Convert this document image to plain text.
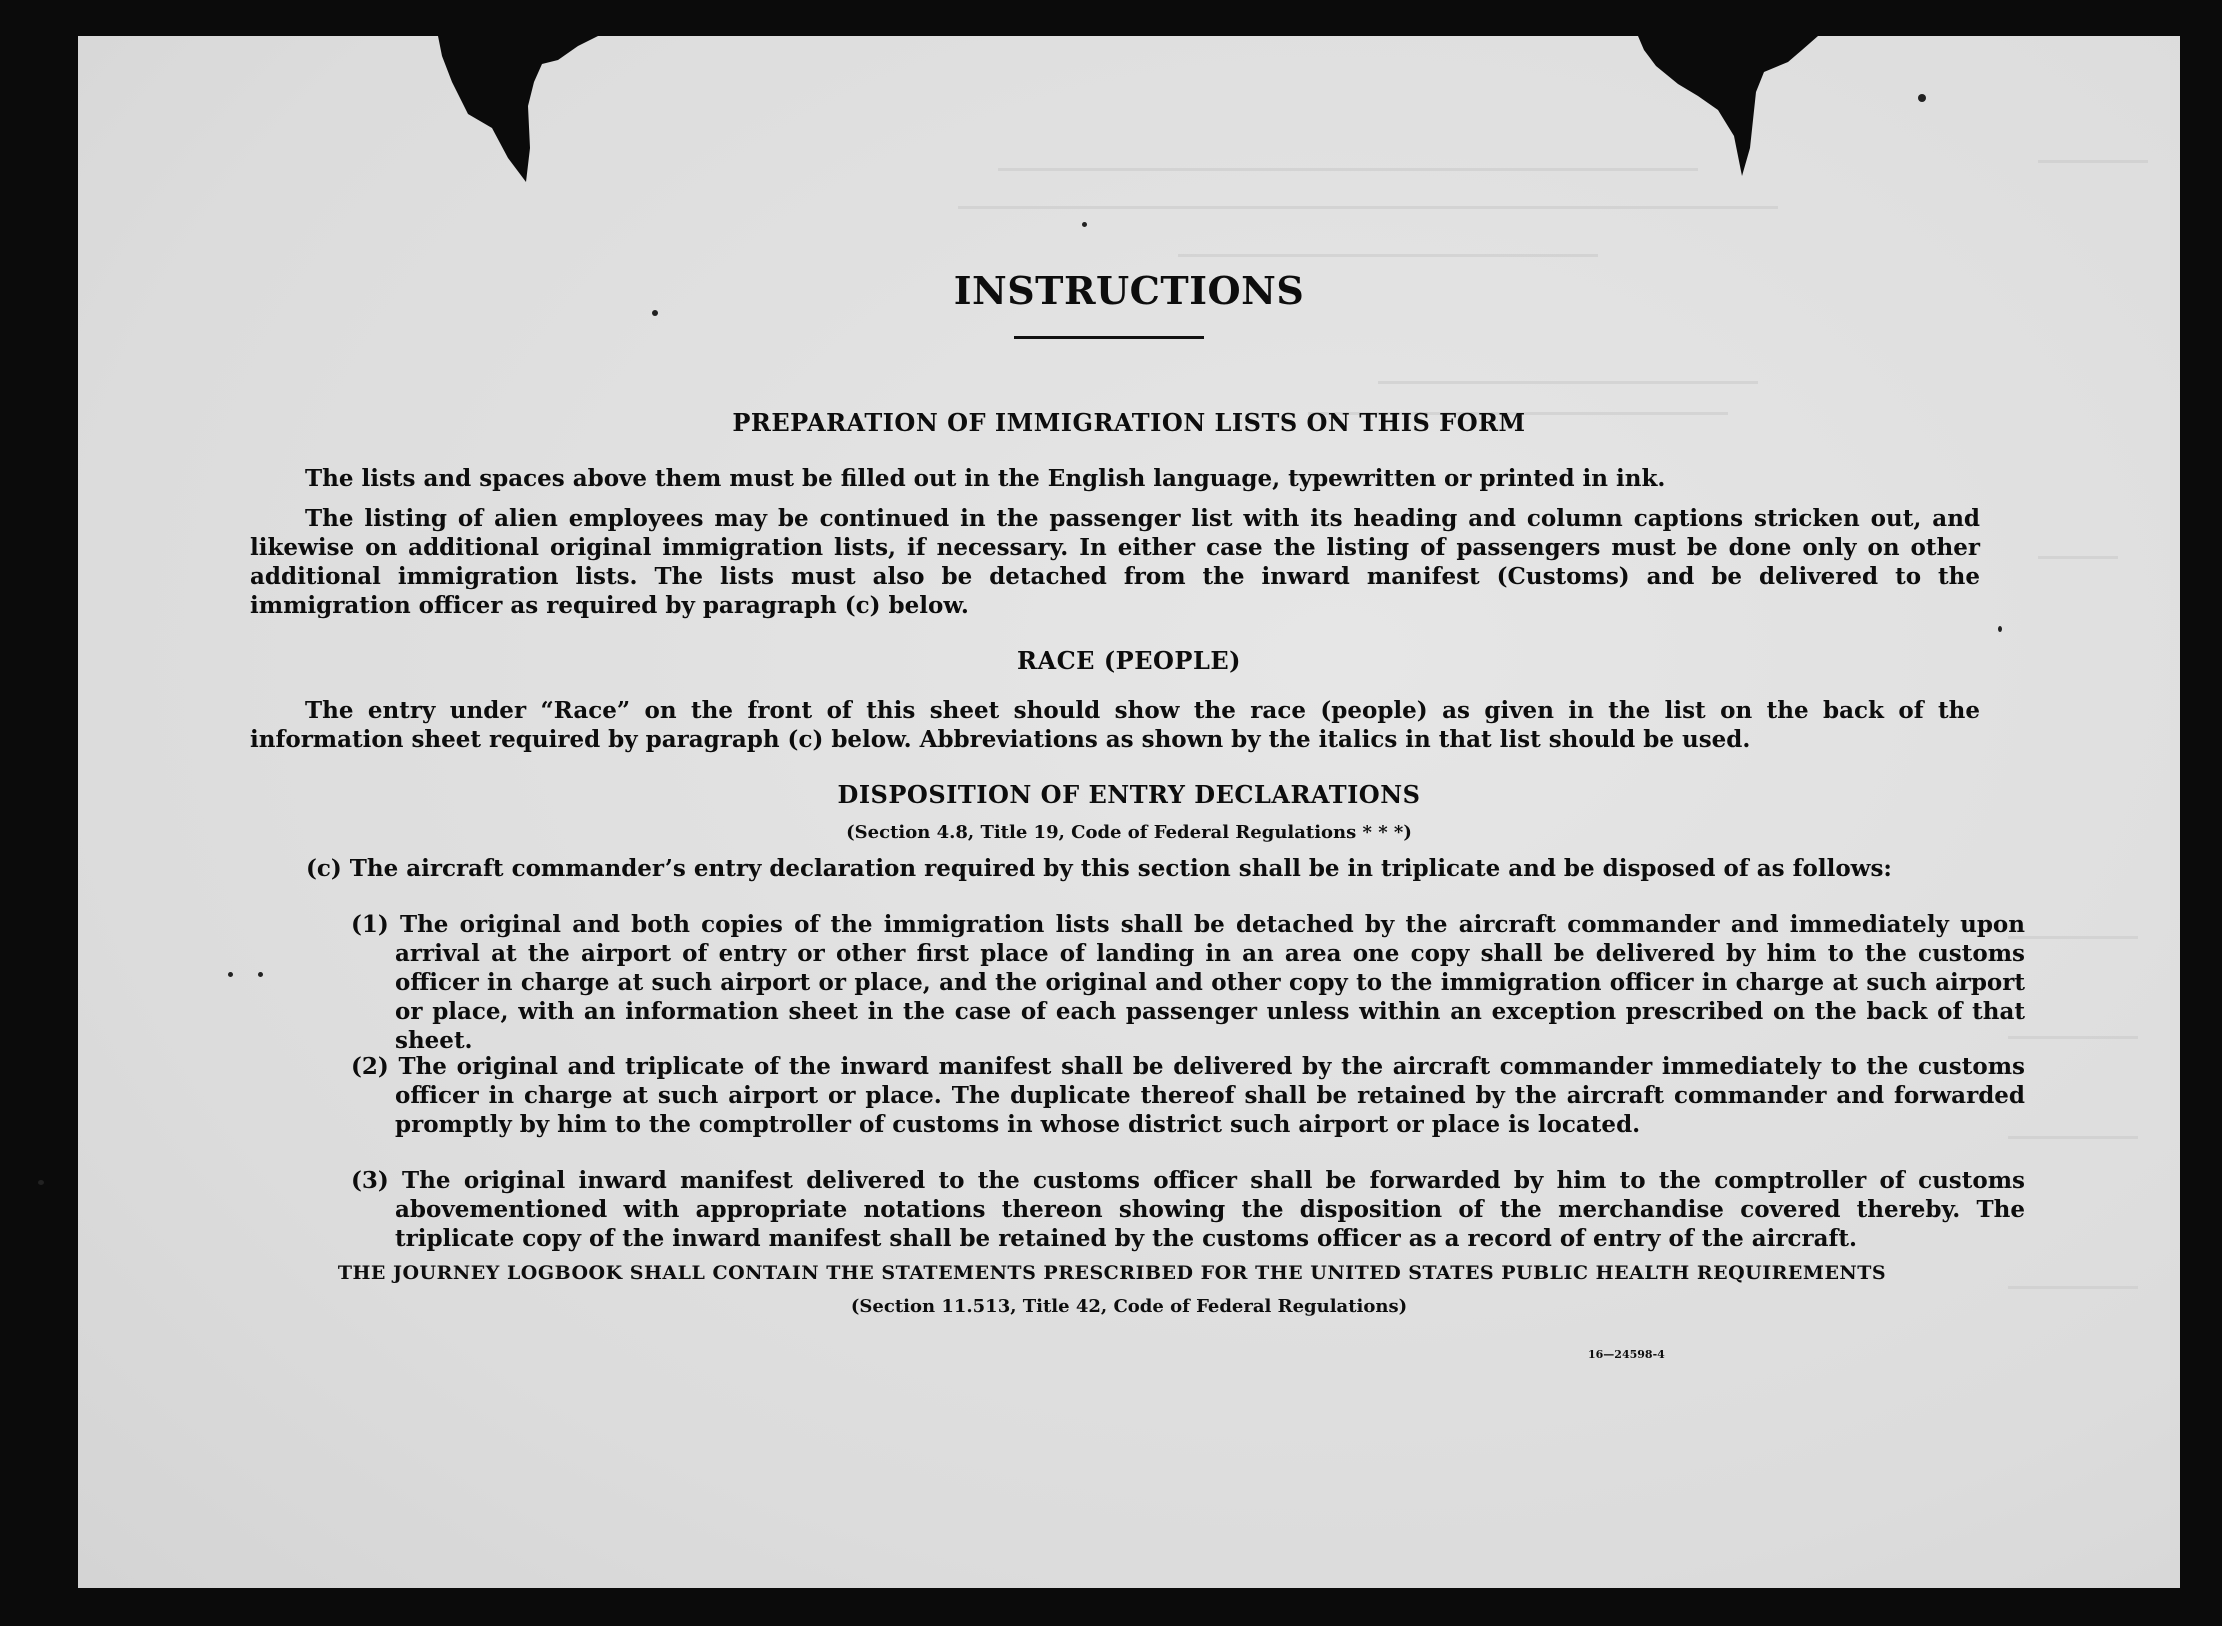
INSTRUCTIONS
PREPARATION OF IMMIGRATION LISTS ON THIS FORM
The lists and spaces above them must be filled out in the English language, typewritten or printed in ink.
The listing of alien employees may be continued in the passenger list with its heading and column captions stricken out, and likewise on additional original immigration lists, if necessary. In either case the listing of passengers must be done only on other additional immigration lists. The lists must also be detached from the inward manifest (Customs) and be delivered to the immigration officer as required by paragraph (c) below.
RACE (PEOPLE)
The entry under “Race” on the front of this sheet should show the race (people) as given in the list on the back of the information sheet required by paragraph (c) below. Abbreviations as shown by the italics in that list should be used.
DISPOSITION OF ENTRY DECLARATIONS
(Section 4.8, Title 19, Code of Federal Regulations * * *)
(c) The aircraft commander’s entry declaration required by this section shall be in triplicate and be disposed of as follows:
(1) The original and both copies of the immigration lists shall be detached by the aircraft commander and immediately upon arrival at the airport of entry or other first place of landing in an area one copy shall be delivered by him to the customs officer in charge at such airport or place, and the original and other copy to the immigration officer in charge at such airport or place, with an information sheet in the case of each passenger unless within an exception prescribed on the back of that sheet.
(2) The original and triplicate of the inward manifest shall be delivered by the aircraft commander immediately to the customs officer in charge at such airport or place. The duplicate thereof shall be retained by the aircraft commander and forwarded promptly by him to the comptroller of customs in whose district such airport or place is located.
(3) The original inward manifest delivered to the customs officer shall be forwarded by him to the comptroller of customs abovementioned with appropriate notations thereon showing the disposition of the merchandise covered thereby. The triplicate copy of the inward manifest shall be retained by the customs officer as a record of entry of the aircraft.
THE JOURNEY LOGBOOK SHALL CONTAIN THE STATEMENTS PRESCRIBED FOR THE UNITED STATES PUBLIC HEALTH REQUIREMENTS
(Section 11.513, Title 42, Code of Federal Regulations)
16—24598-4
